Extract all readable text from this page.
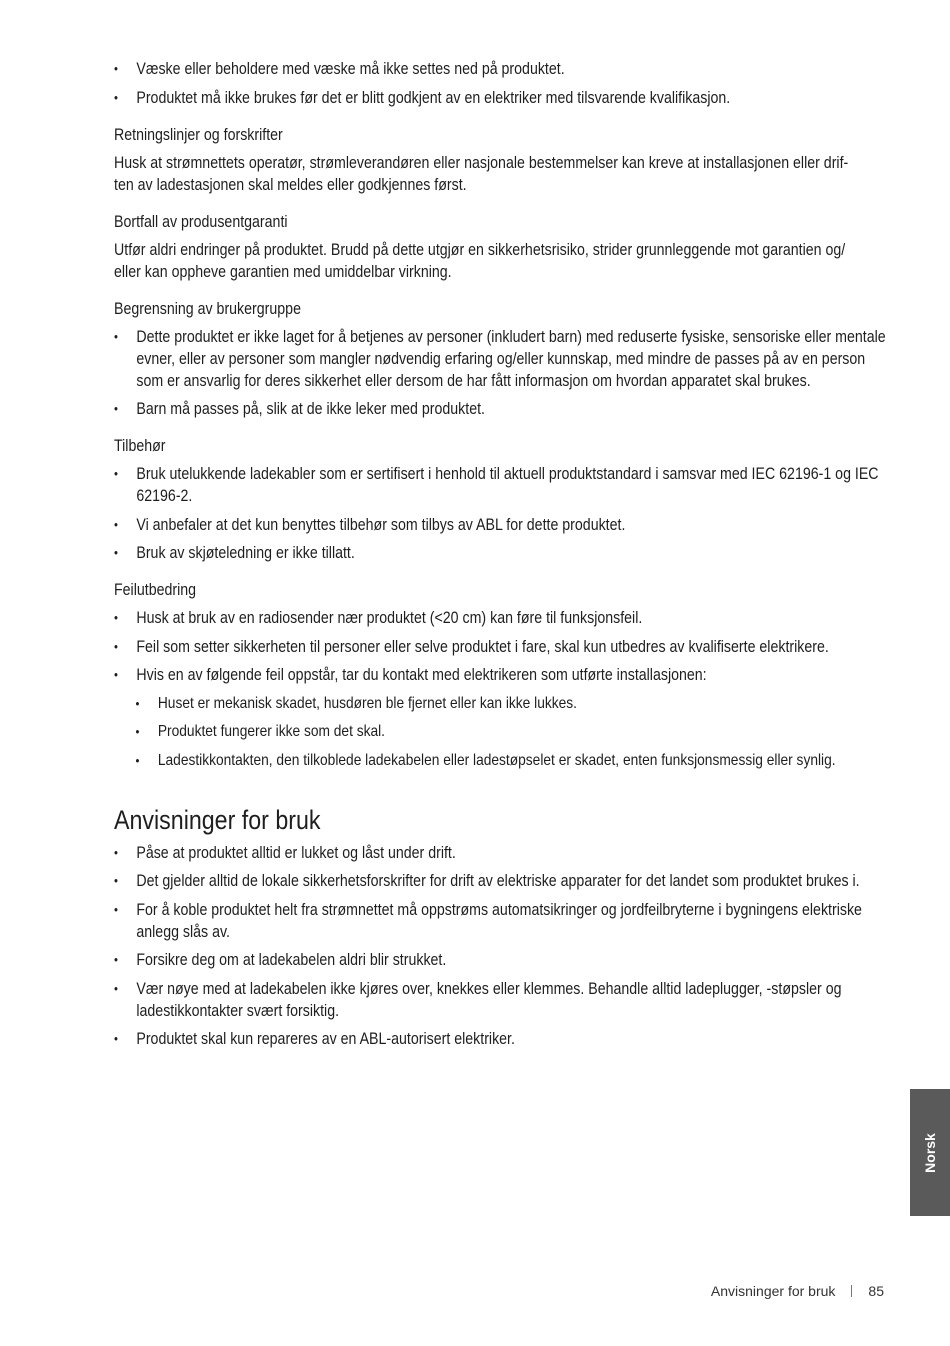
• Væske eller beholdere med væske må ikke settes ned på produktet.
• Produktet må ikke brukes før det er blitt godkjent av en elektriker med tilsvarende kvalifikasjon.
Retningslinjer og forskrifter

Husk at strømnettets operatør, strømleverandøren eller nasjonale bestemmelser kan kreve at installasjonen eller drif-
ten av ladestasjonen skal meldes eller godkjennes først.

Bortfall av produsentgaranti

Utfør aldri endringer på produktet. Brudd på dette utgjør en sikkerhetsrisiko, strider grunnleggende mot garantien og/
eller kan oppheve garantien med umiddelbar virkning.

Begrensning av brukergruppe
• Dette produktet er ikke laget for å betjenes av personer (inkludert barn) med reduserte fysiske, sensoriske eller mentale evner, eller av personer som mangler nødvendig erfaring og/eller kunnskap, med mindre de passes på av en person som er ansvarlig for deres sikkerhet eller dersom de har fått informasjon om hvordan apparatet skal brukes.
• Barn må passes på, slik at de ikke leker med produktet.
Tilbehør
• Bruk utelukkende ladekabler som er sertifisert i henhold til aktuell produktstandard i samsvar med IEC 62196-1 og IEC 62196-2.
• Vi anbefaler at det kun benyttes tilbehør som tilbys av ABL for dette produktet.
• Bruk av skjøteledning er ikke tillatt.
Feilutbedring
• Husk at bruk av en radiosender nær produktet (<20 cm) kan føre til funksjonsfeil.
• Feil som setter sikkerheten til personer eller selve produktet i fare, skal kun utbedres av kvalifiserte elektrikere.
• Hvis en av følgende feil oppstår, tar du kontakt med elektrikeren som utførte installasjonen:
• Huset er mekanisk skadet, husdøren ble fjernet eller kan ikke lukkes.
• Produktet fungerer ikke som det skal.
• Ladestikkontakten, den tilkoblede ladekabelen eller ladestøpselet er skadet, enten funksjonsmessig eller synlig.
Anvisninger for bruk
• Påse at produktet alltid er lukket og låst under drift.
• Det gjelder alltid de lokale sikkerhetsforskrifter for drift av elektriske apparater for det landet som produktet brukes i.
• For å koble produktet helt fra strømnettet må oppstrøms automatsikringer og jordfeilbryterne i bygningens elektriske anlegg slås av.
• Forsikre deg om at ladekabelen aldri blir strukket.
• Vær nøye med at ladekabelen ikke kjøres over, knekkes eller klemmes. Behandle alltid ladeplugger, -støpsler og ladestikkontakter svært forsiktig.
• Produktet skal kun repareres av en ABL-autorisert elektriker.
Norsk
Anvisninger for bruk 85
